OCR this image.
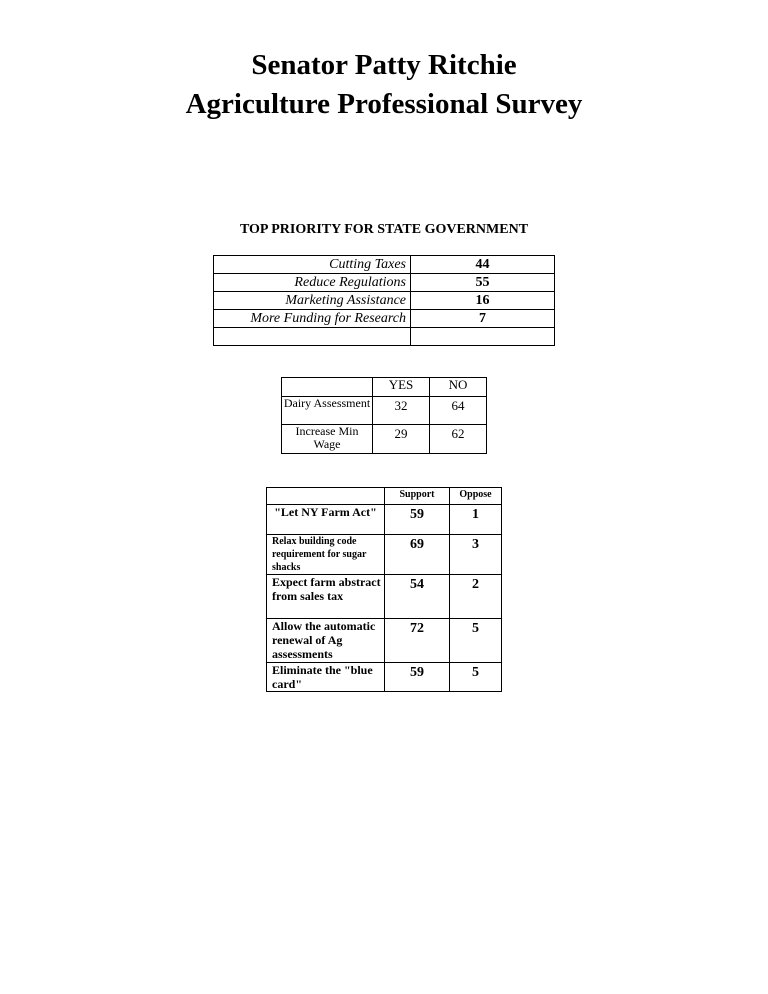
Senator Patty Ritchie
Agriculture Professional Survey
TOP PRIORITY FOR STATE GOVERNMENT
Cutting Taxes	44
Reduce Regulations	55
Marketing Assistance	16
More Funding for Research	7

	YES	NO
Dairy Assessment	32	64
Increase Min Wage	29	62
	Support	Oppose
"Let NY Farm Act"	59	1

Relax building code requirement for sugar shacks	69	3

Expect farm abstract from sales tax	54	2

Allow the automatic renewal of Ag assessments	72	5

Eliminate the "blue card"	59	5
